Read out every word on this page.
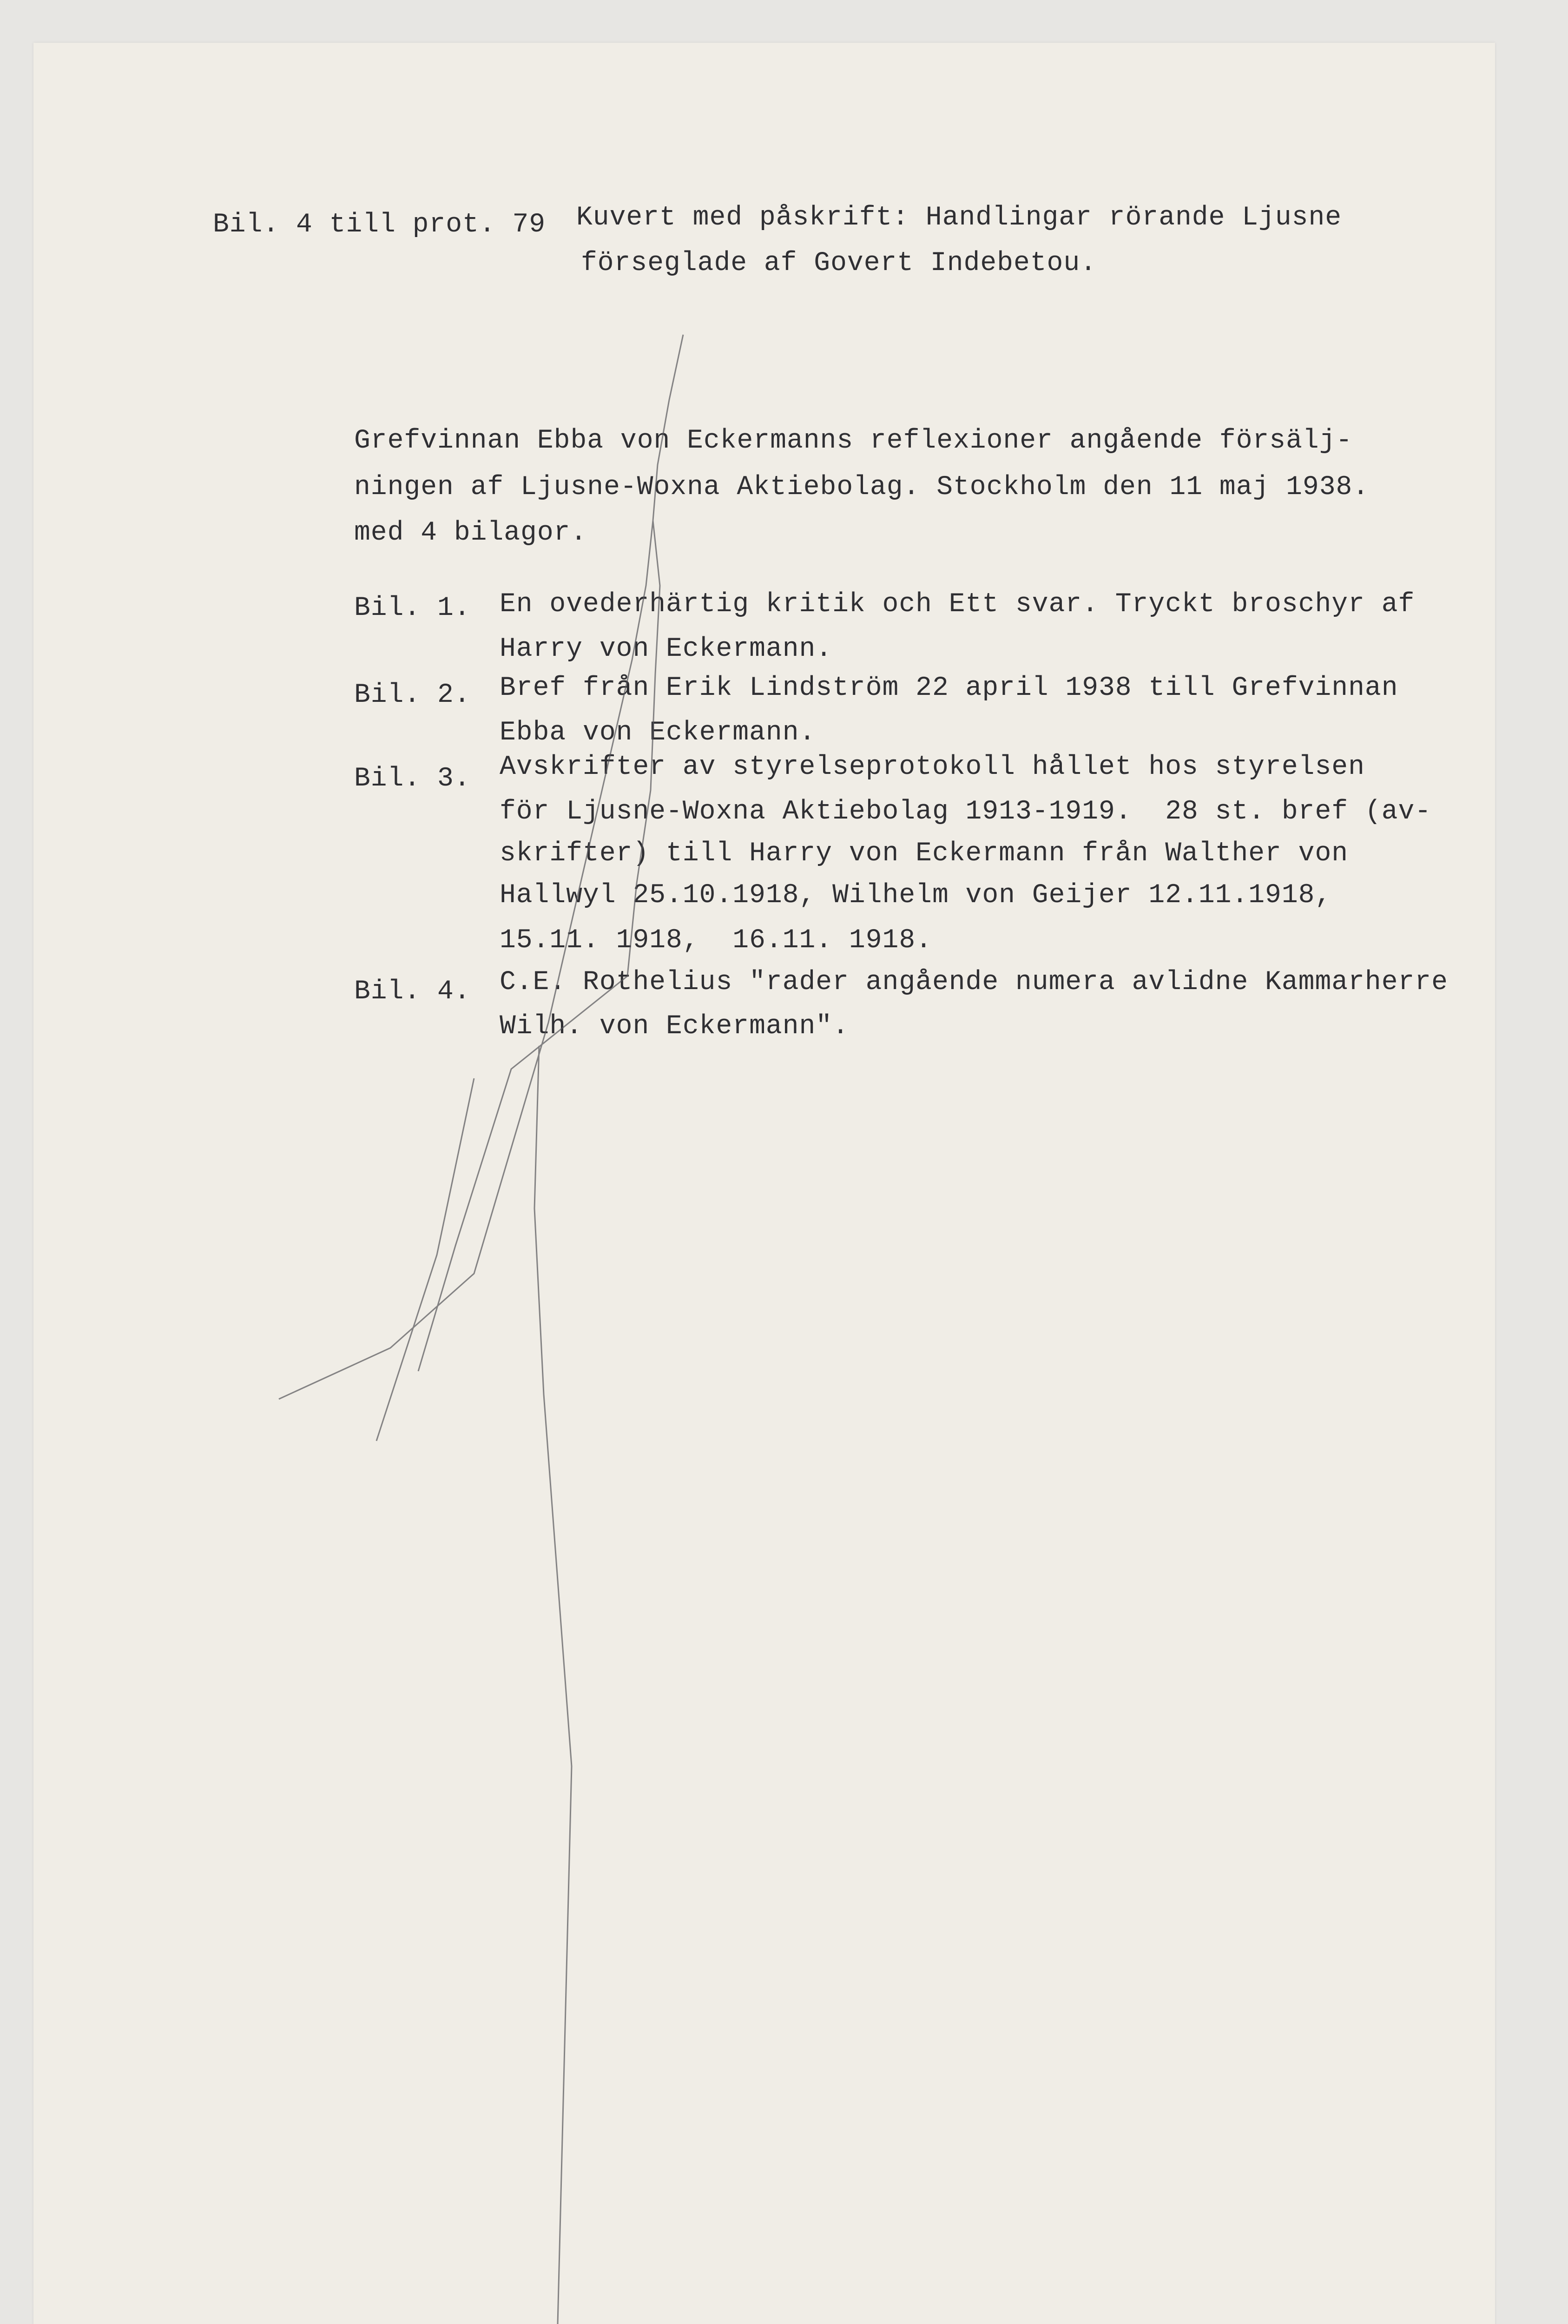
Bil. 4 till prot. 79 Kuvert med påskrift: Handlingar rörande Ljusne
förseglade af Govert Indebetou.
Grefvinnan Ebba von Eckermanns reflexioner angående försälj-
ningen af Ljusne-Woxna Aktiebolag. Stockholm den 11 maj 1938.
med 4 bilagor.
Bil. 1. En ovederhärtig kritik och Ett svar. Tryckt broschyr af
Harry von Eckermann.
Bil. 2. Bref från Erik Lindström 22 april 1938 till Grefvinnan
Ebba von Eckermann.
Bil. 3. Avskrifter av styrelseprotokoll hållet hos styrelsen
för Ljusne-Woxna Aktiebolag 1913-1919.  28 st. bref (av-
skrifter) till Harry von Eckermann från Walther von
Hallwyl 25.10.1918, Wilhelm von Geijer 12.11.1918,
15.11. 1918,  16.11. 1918.
Bil. 4. C.E. Rothelius "rader angående numera avlidne Kammarherre
Wilh. von Eckermann".
